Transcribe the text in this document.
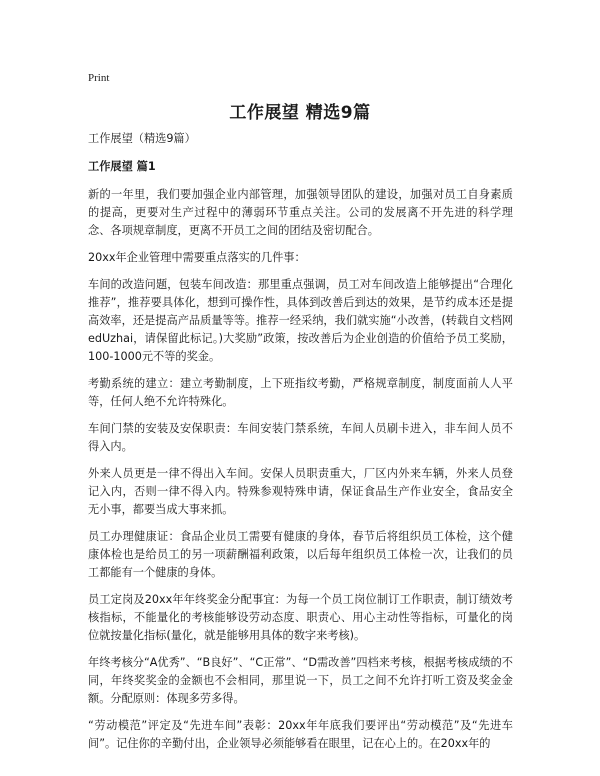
Print
工作展望 精选9篇

工作展望（精选9篇）

工作展望 篇1

新的一年里，我们要加强企业内部管理，加强领导团队的建设，加强对员工自身素质的提高，更要对生产过程中的薄弱环节重点关注。公司的发展离不开先进的科学理念、各项规章制度，更离不开员工之间的团结及密切配合。

20xx年企业管理中需要重点落实的几件事：

车间的改造问题，包装车间改造：那里重点强调，员工对车间改造上能够提出“合理化推荐”，推荐要具体化，想到可操作性，具体到改善后到达的效果，是节约成本还是提高效率，还是提高产品质量等等。推荐一经采纳，我们就实施“小改善，(转载自文档网edUzhai，请保留此标记。)大奖励”政策，按改善后为企业创造的价值给予员工奖励，100-1000元不等的奖金。

考勤系统的建立：建立考勤制度，上下班指纹考勤，严格规章制度，制度面前人人平等，任何人绝不允许特殊化。

车间门禁的安装及安保职责：车间安装门禁系统，车间人员刷卡进入，非车间人员不得入内。

外来人员更是一律不得出入车间。安保人员职责重大，厂区内外来车辆，外来人员登记入内，否则一律不得入内。特殊参观特殊申请，保证食品生产作业安全，食品安全无小事，都要当成大事来抓。

员工办理健康证：食品企业员工需要有健康的身体，春节后将组织员工体检，这个健康体检也是给员工的另一项薪酬福利政策，以后每年组织员工体检一次，让我们的员工都能有一个健康的身体。

员工定岗及20xx年年终奖金分配事宜：为每一个员工岗位制订工作职责，制订绩效考核指标，不能量化的考核能够设劳动态度、职责心、用心主动性等指标，可量化的岗位就按量化指标(量化，就是能够用具体的数字来考核)。

年终考核分“A优秀”、“B良好”、“C正常”、“D需改善”四档来考核，根据考核成绩的不同，年终奖奖金的金额也不会相同，那里说一下，员工之间不允许打听工资及奖金金额。分配原则：体现多劳多得。

“劳动模范”评定及“先进车间”表彰：20xx年年底我们要评出“劳动模范”及“先进车间”。记住你的辛勤付出，企业领导必须能够看在眼里，记在心上的。在20xx年的
